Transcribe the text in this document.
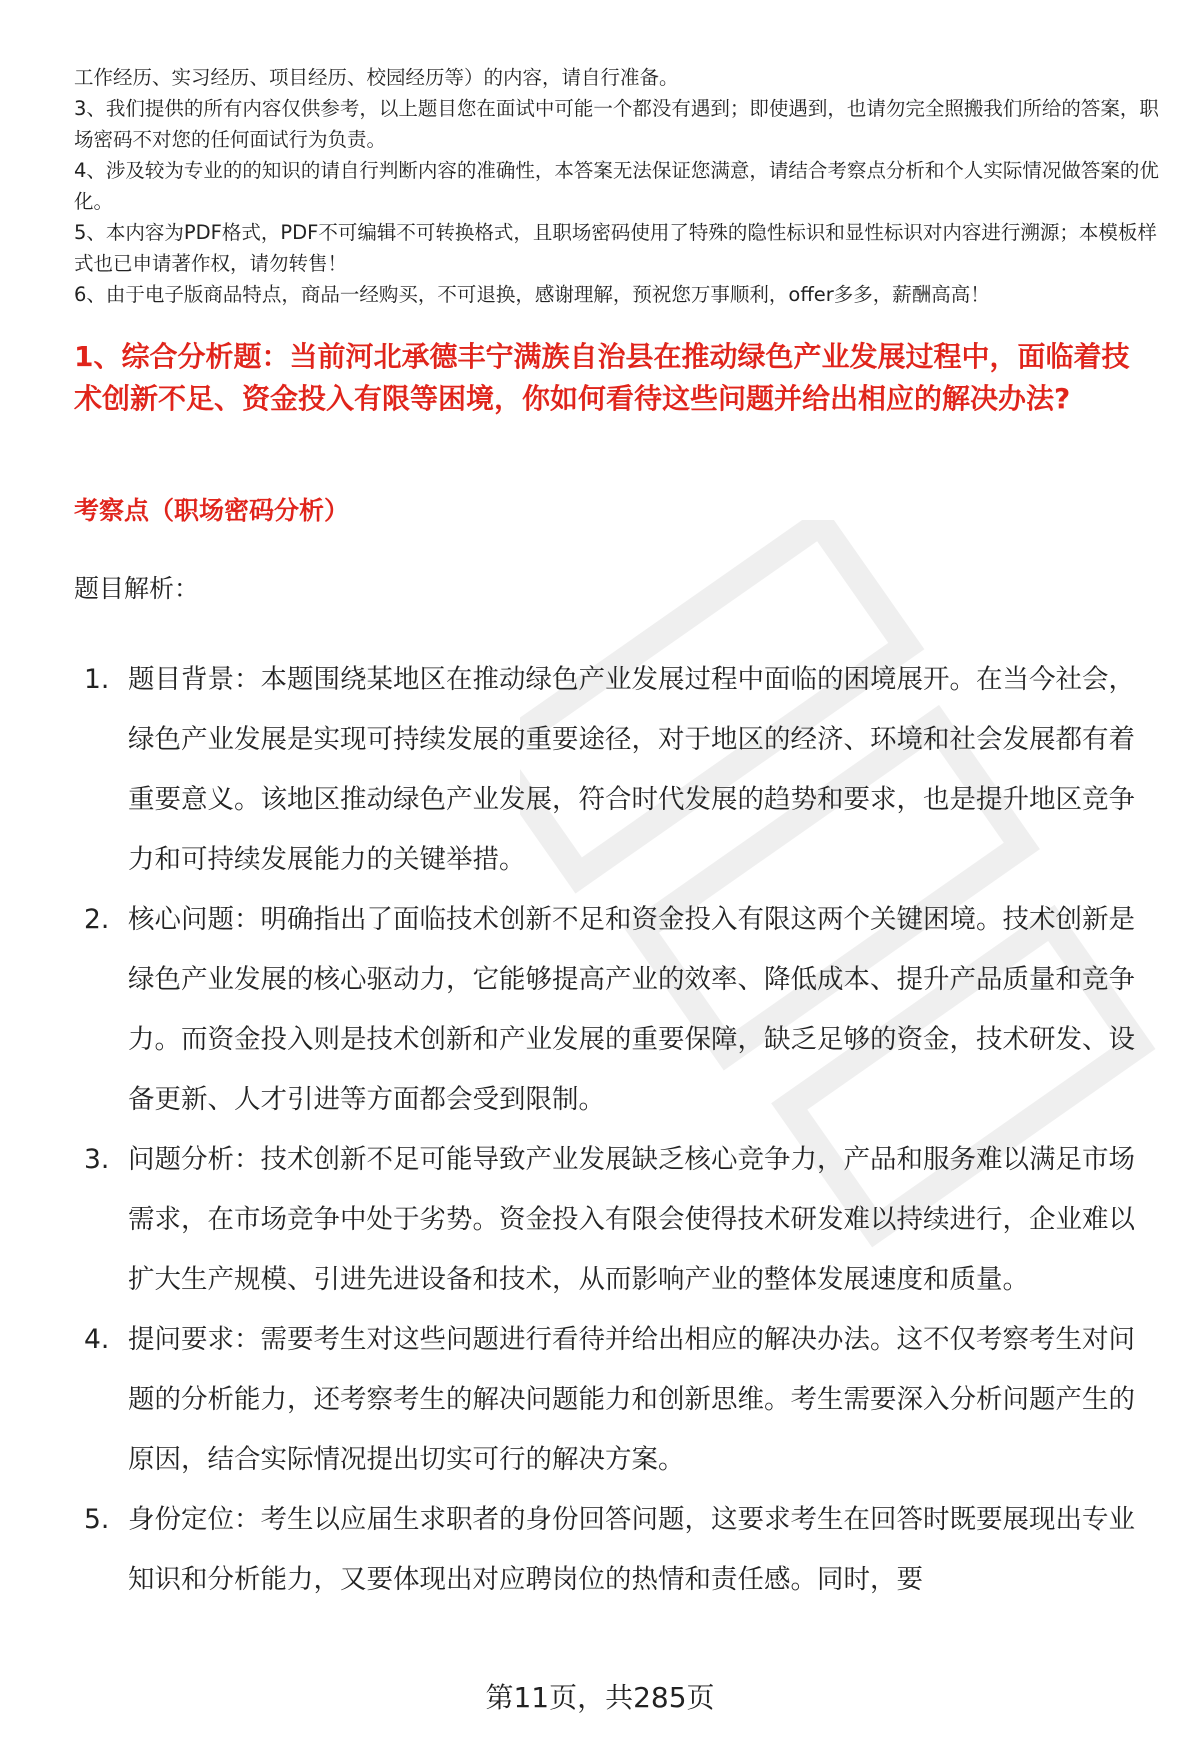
工作经历、实习经历、项目经历、校园经历等）的内容，请自行准备。

3、我们提供的所有内容仅供参考，以上题目您在面试中可能一个都没有遇到；即使遇到，也请勿完全照搬我们所给的答案，职场密码不对您的任何面试行为负责。

4、涉及较为专业的的知识的请自行判断内容的准确性，本答案无法保证您满意，请结合考察点分析和个人实际情况做答案的优化。

5、本内容为PDF格式，PDF不可编辑不可转换格式，且职场密码使用了特殊的隐性标识和显性标识对内容进行溯源；本模板样式也已申请著作权，请勿转售！

6、由于电子版商品特点，商品一经购买，不可退换，感谢理解，预祝您万事顺利，offer多多，薪酬高高！

1、综合分析题：当前河北承德丰宁满族自治县在推动绿色产业发展过程中，面临着技术创新不足、资金投入有限等困境，你如何看待这些问题并给出相应的解决办法?
考察点（职场密码分析）

题目解析：

1. 题目背景：本题围绕某地区在推动绿色产业发展过程中面临的困境展开。在当今社会，绿色产业发展是实现可持续发展的重要途径，对于地区的经济、环境和社会发展都有着重要意义。该地区推动绿色产业发展，符合时代发展的趋势和要求，也是提升地区竞争力和可持续发展能力的关键举措。
2. 核心问题：明确指出了面临技术创新不足和资金投入有限这两个关键困境。技术创新是绿色产业发展的核心驱动力，它能够提高产业的效率、降低成本、提升产品质量和竞争力。而资金投入则是技术创新和产业发展的重要保障，缺乏足够的资金，技术研发、设备更新、人才引进等方面都会受到限制。
3. 问题分析：技术创新不足可能导致产业发展缺乏核心竞争力，产品和服务难以满足市场需求，在市场竞争中处于劣势。资金投入有限会使得技术研发难以持续进行，企业难以扩大生产规模、引进先进设备和技术，从而影响产业的整体发展速度和质量。
4. 提问要求：需要考生对这些问题进行看待并给出相应的解决办法。这不仅考察考生对问题的分析能力，还考察考生的解决问题能力和创新思维。考生需要深入分析问题产生的原因，结合实际情况提出切实可行的解决方案。
5. 身份定位：考生以应届生求职者的身份回答问题，这要求考生在回答时既要展现出专业知识和分析能力，又要体现出对应聘岗位的热情和责任感。同时，要
第11页，共285页
